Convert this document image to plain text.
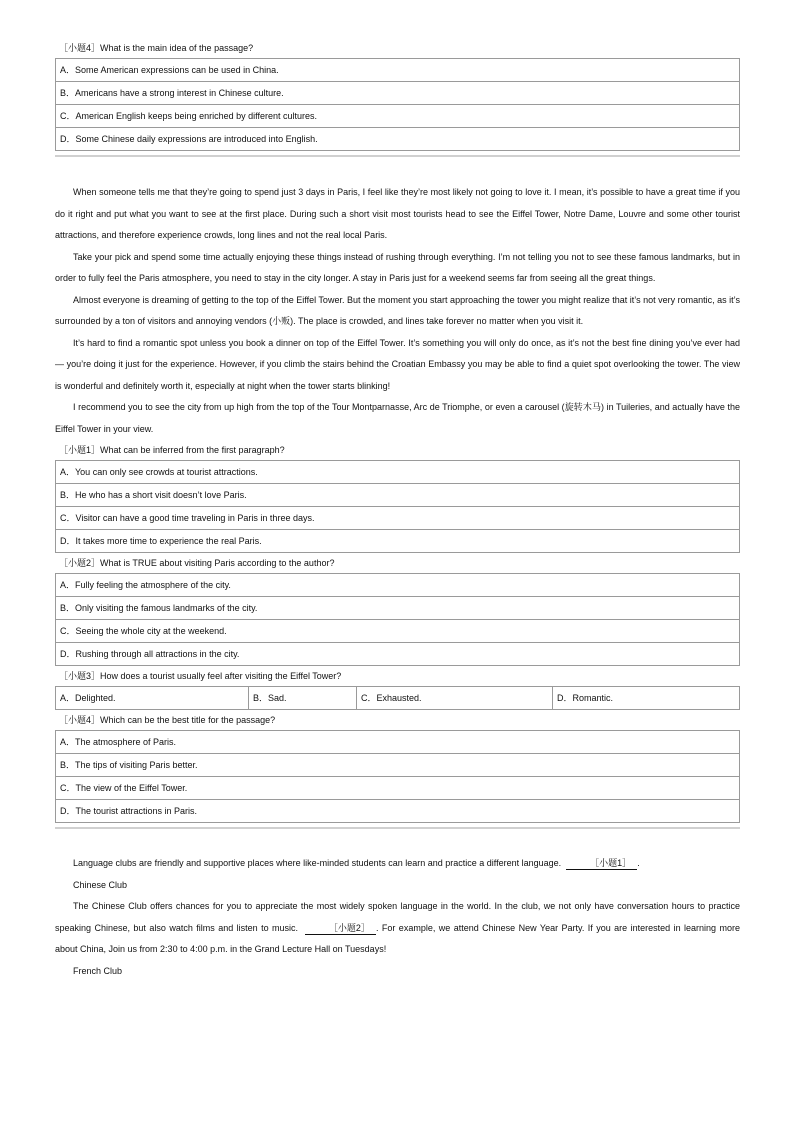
［小题4］What is the main idea of the passage?
A．Some American expressions can be used in China.
B．Americans have a strong interest in Chinese culture.
C．American English keeps being enriched by different cultures.
D．Some Chinese daily expressions are introduced into English.

When someone tells me that they’re going to spend just 3 days in Paris, I feel like they’re most likely not going to love it. I mean, it’s possible to have a great time if you do it right and put what you want to see at the first place. During such a short visit most tourists head to see the Eiffel Tower, Notre Dame, Louvre and some other tourist attractions, and therefore experience crowds, long lines and not the real local Paris.

Take your pick and spend some time actually enjoying these things instead of rushing through everything. I’m not telling you not to see these famous landmarks, but in order to fully feel the Paris atmosphere, you need to stay in the city longer. A stay in Paris just for a weekend seems far from seeing all the great things.

Almost everyone is dreaming of getting to the top of the Eiffel Tower. But the moment you start approaching the tower you might realize that it’s not very romantic, as it’s surrounded by a ton of visitors and annoying vendors (小贩). The place is crowded, and lines take forever no matter when you visit it.

It’s hard to find a romantic spot unless you book a dinner on top of the Eiffel Tower. It’s something you will only do once, as it’s not the best fine dining you’ve ever had — you’re doing it just for the experience. However, if you climb the stairs behind the Croatian Embassy you may be able to find a quiet spot overlooking the tower. The view is wonderful and definitely worth it, especially at night when the tower starts blinking!

I recommend you to see the city from up high from the top of the Tour Montparnasse, Arc de Triomphe, or even a carousel (旋转木马) in Tuileries, and actually have the Eiffel Tower in your view.

［小题1］What can be inferred from the first paragraph?
A．You can only see crowds at tourist attractions.
B．He who has a short visit doesn’t love Paris.
C．Visitor can have a good time traveling in Paris in three days.
D．It takes more time to experience the real Paris.
［小题2］What is TRUE about visiting Paris according to the author?
A．Fully feeling the atmosphere of the city.
B．Only visiting the famous landmarks of the city.
C．Seeing the whole city at the weekend.
D．Rushing through all attractions in the city.
［小题3］How does a tourist usually feel after visiting the Eiffel Tower?
A．Delighted.	B．Sad.	C．Exhausted.	D．Romantic.
［小题4］Which can be the best title for the passage?
A．The atmosphere of Paris.
B．The tips of visiting Paris better.
C．The view of the Eiffel Tower.
D．The tourist attractions in Paris.

Language clubs are friendly and supportive places where like-minded students can learn and practice a different language.	［小题1］ .

Chinese Club

The Chinese Club offers chances for you to appreciate the most widely spoken language in the world. In the club, we not only have conversation hours to practice speaking Chinese, but also watch films and listen to music.	［小题2］ . For example, we attend Chinese New Year Party. If you are interested in learning more about China, Join us from 2:30 to 4:00 p.m. in the Grand Lecture Hall on Tuesdays!

French Club
